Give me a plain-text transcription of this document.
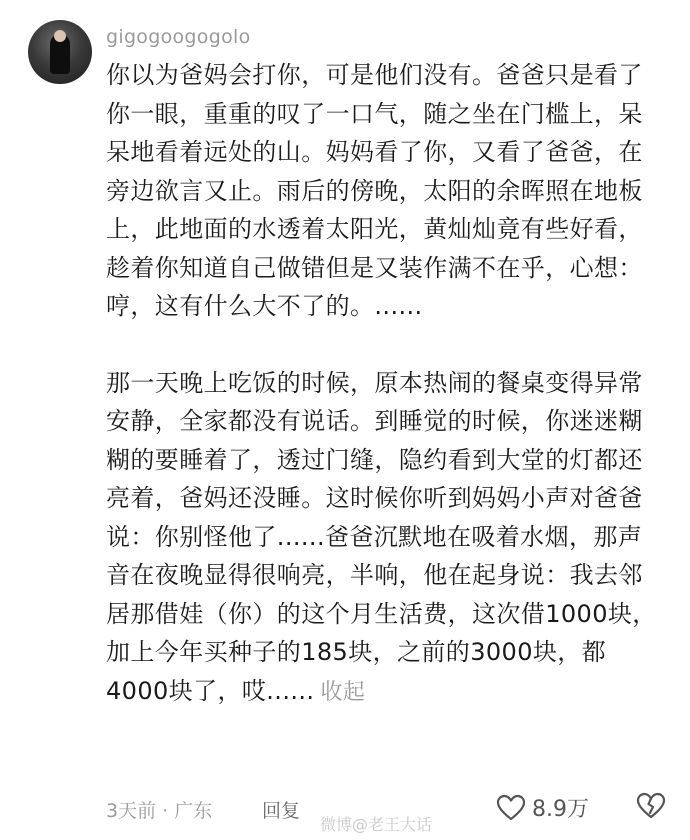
gigogoogogolo

你以为爸妈会打你，可是他们没有。爸爸只是看了你一眼，重重的叹了一口气，随之坐在门槛上，呆呆地看着远处的山。妈妈看了你，又看了爸爸，在旁边欲言又止。雨后的傍晚，太阳的余晖照在地板上，此地面的水透着太阳光，黄灿灿竟有些好看，趁着你知道自己做错但是又装作满不在乎，心想：哼，这有什么大不了的。......

那一天晚上吃饭的时候，原本热闹的餐桌变得异常安静，全家都没有说话。到睡觉的时候，你迷迷糊糊的要睡着了，透过门缝，隐约看到大堂的灯都还亮着，爸妈还没睡。这时候你听到妈妈小声对爸爸说：你别怪他了......爸爸沉默地在吸着水烟，那声音在夜晚显得很响亮，半响，他在起身说：我去邻居那借娃（你）的这个月生活费，这次借1000块，加上今年买种子的185块，之前的3000块，都4000块了，哎...... 收起

3天前 · 广东	回复	8.9万
微博@老王大话
